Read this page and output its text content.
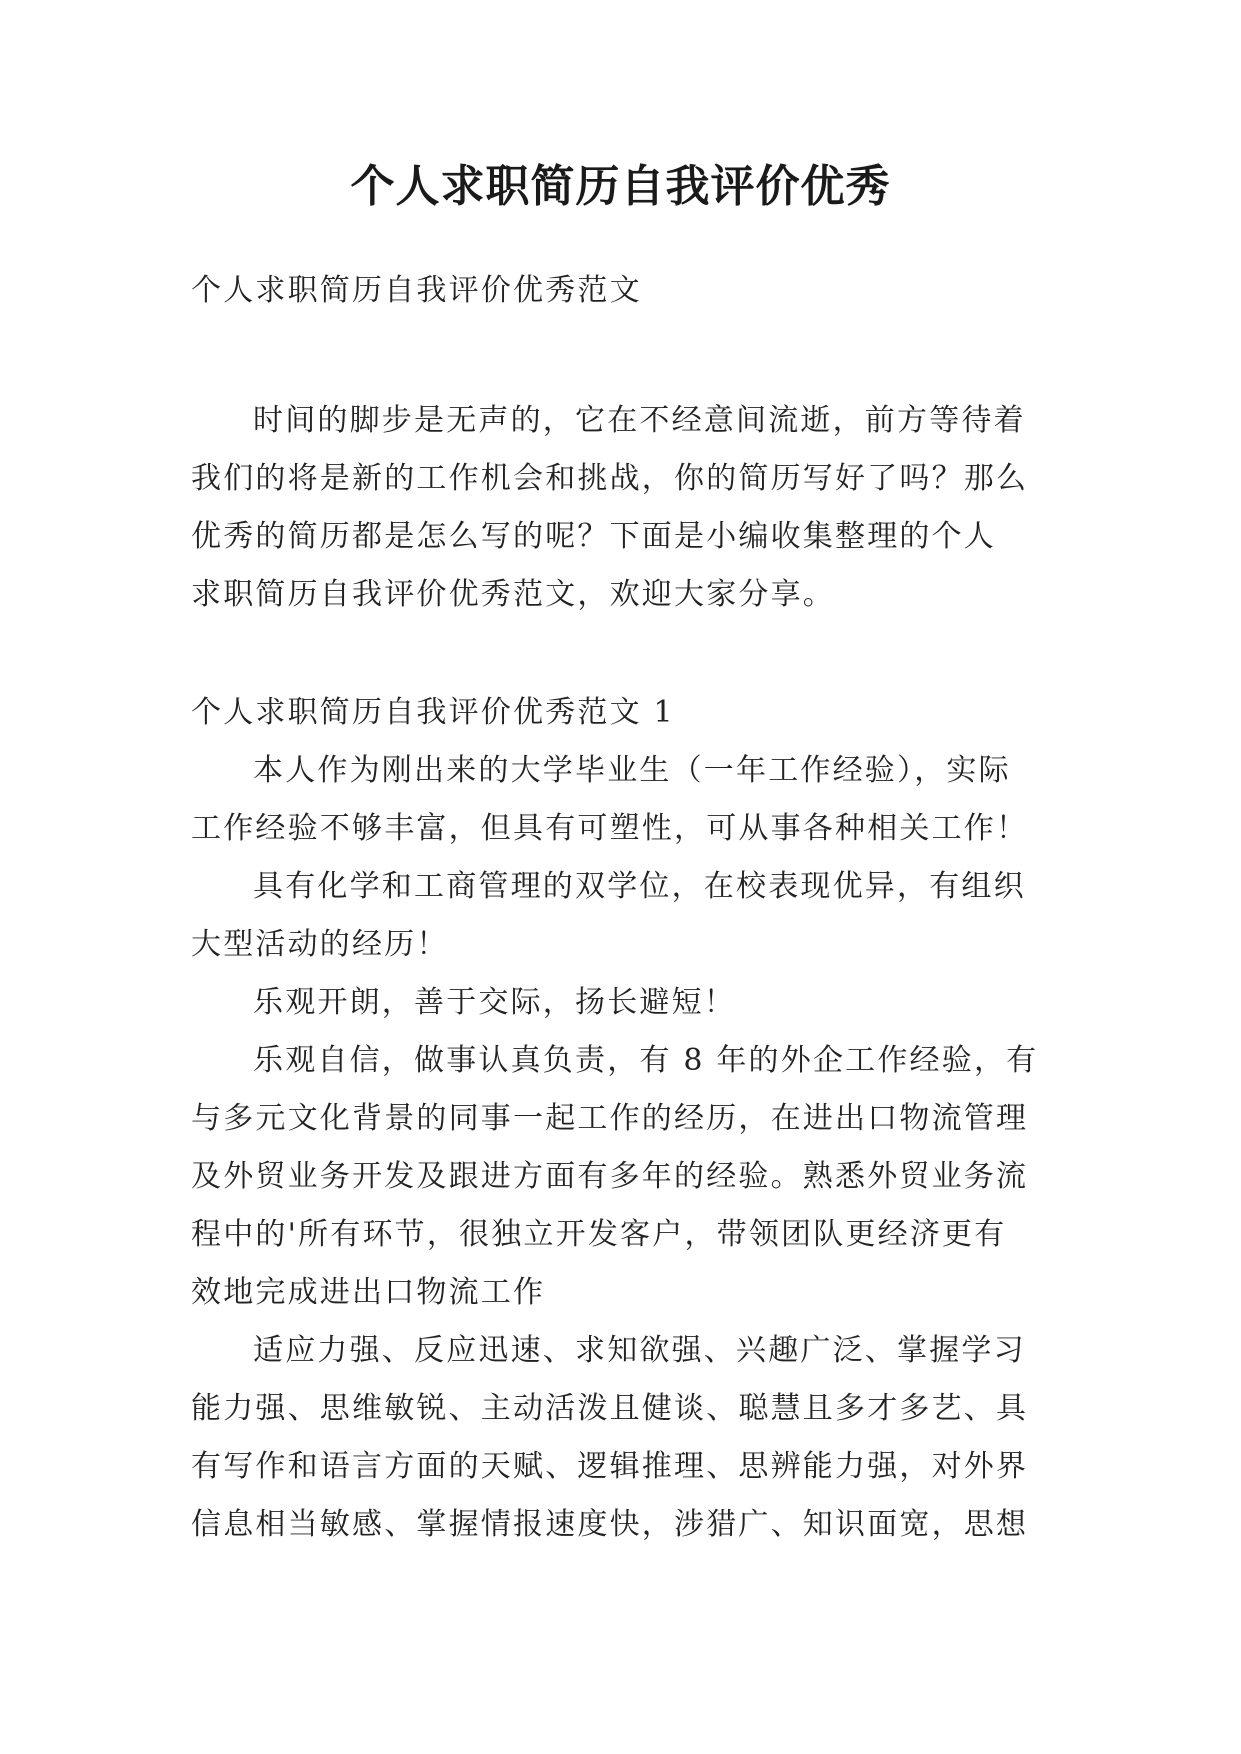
个人求职简历自我评价优秀
个人求职简历自我评价优秀范文
时间的脚步是无声的，它在不经意间流逝，前方等待着
我们的将是新的工作机会和挑战，你的简历写好了吗？那么
优秀的简历都是怎么写的呢？下面是小编收集整理的个人
求职简历自我评价优秀范文，欢迎大家分享。
个人求职简历自我评价优秀范文 1
本人作为刚出来的大学毕业生（一年工作经验），实际
工作经验不够丰富，但具有可塑性，可从事各种相关工作！
具有化学和工商管理的双学位，在校表现优异，有组织
大型活动的经历！
乐观开朗，善于交际，扬长避短！
乐观自信，做事认真负责，有 8 年的外企工作经验，有
与多元文化背景的同事一起工作的经历，在进出口物流管理
及外贸业务开发及跟进方面有多年的经验。熟悉外贸业务流
程中的'所有环节，很独立开发客户，带领团队更经济更有
效地完成进出口物流工作
适应力强、反应迅速、求知欲强、兴趣广泛、掌握学习
能力强、思维敏锐、主动活泼且健谈、聪慧且多才多艺、具
有写作和语言方面的天赋、逻辑推理、思辨能力强，对外界
信息相当敏感、掌握情报速度快，涉猎广、知识面宽，思想
